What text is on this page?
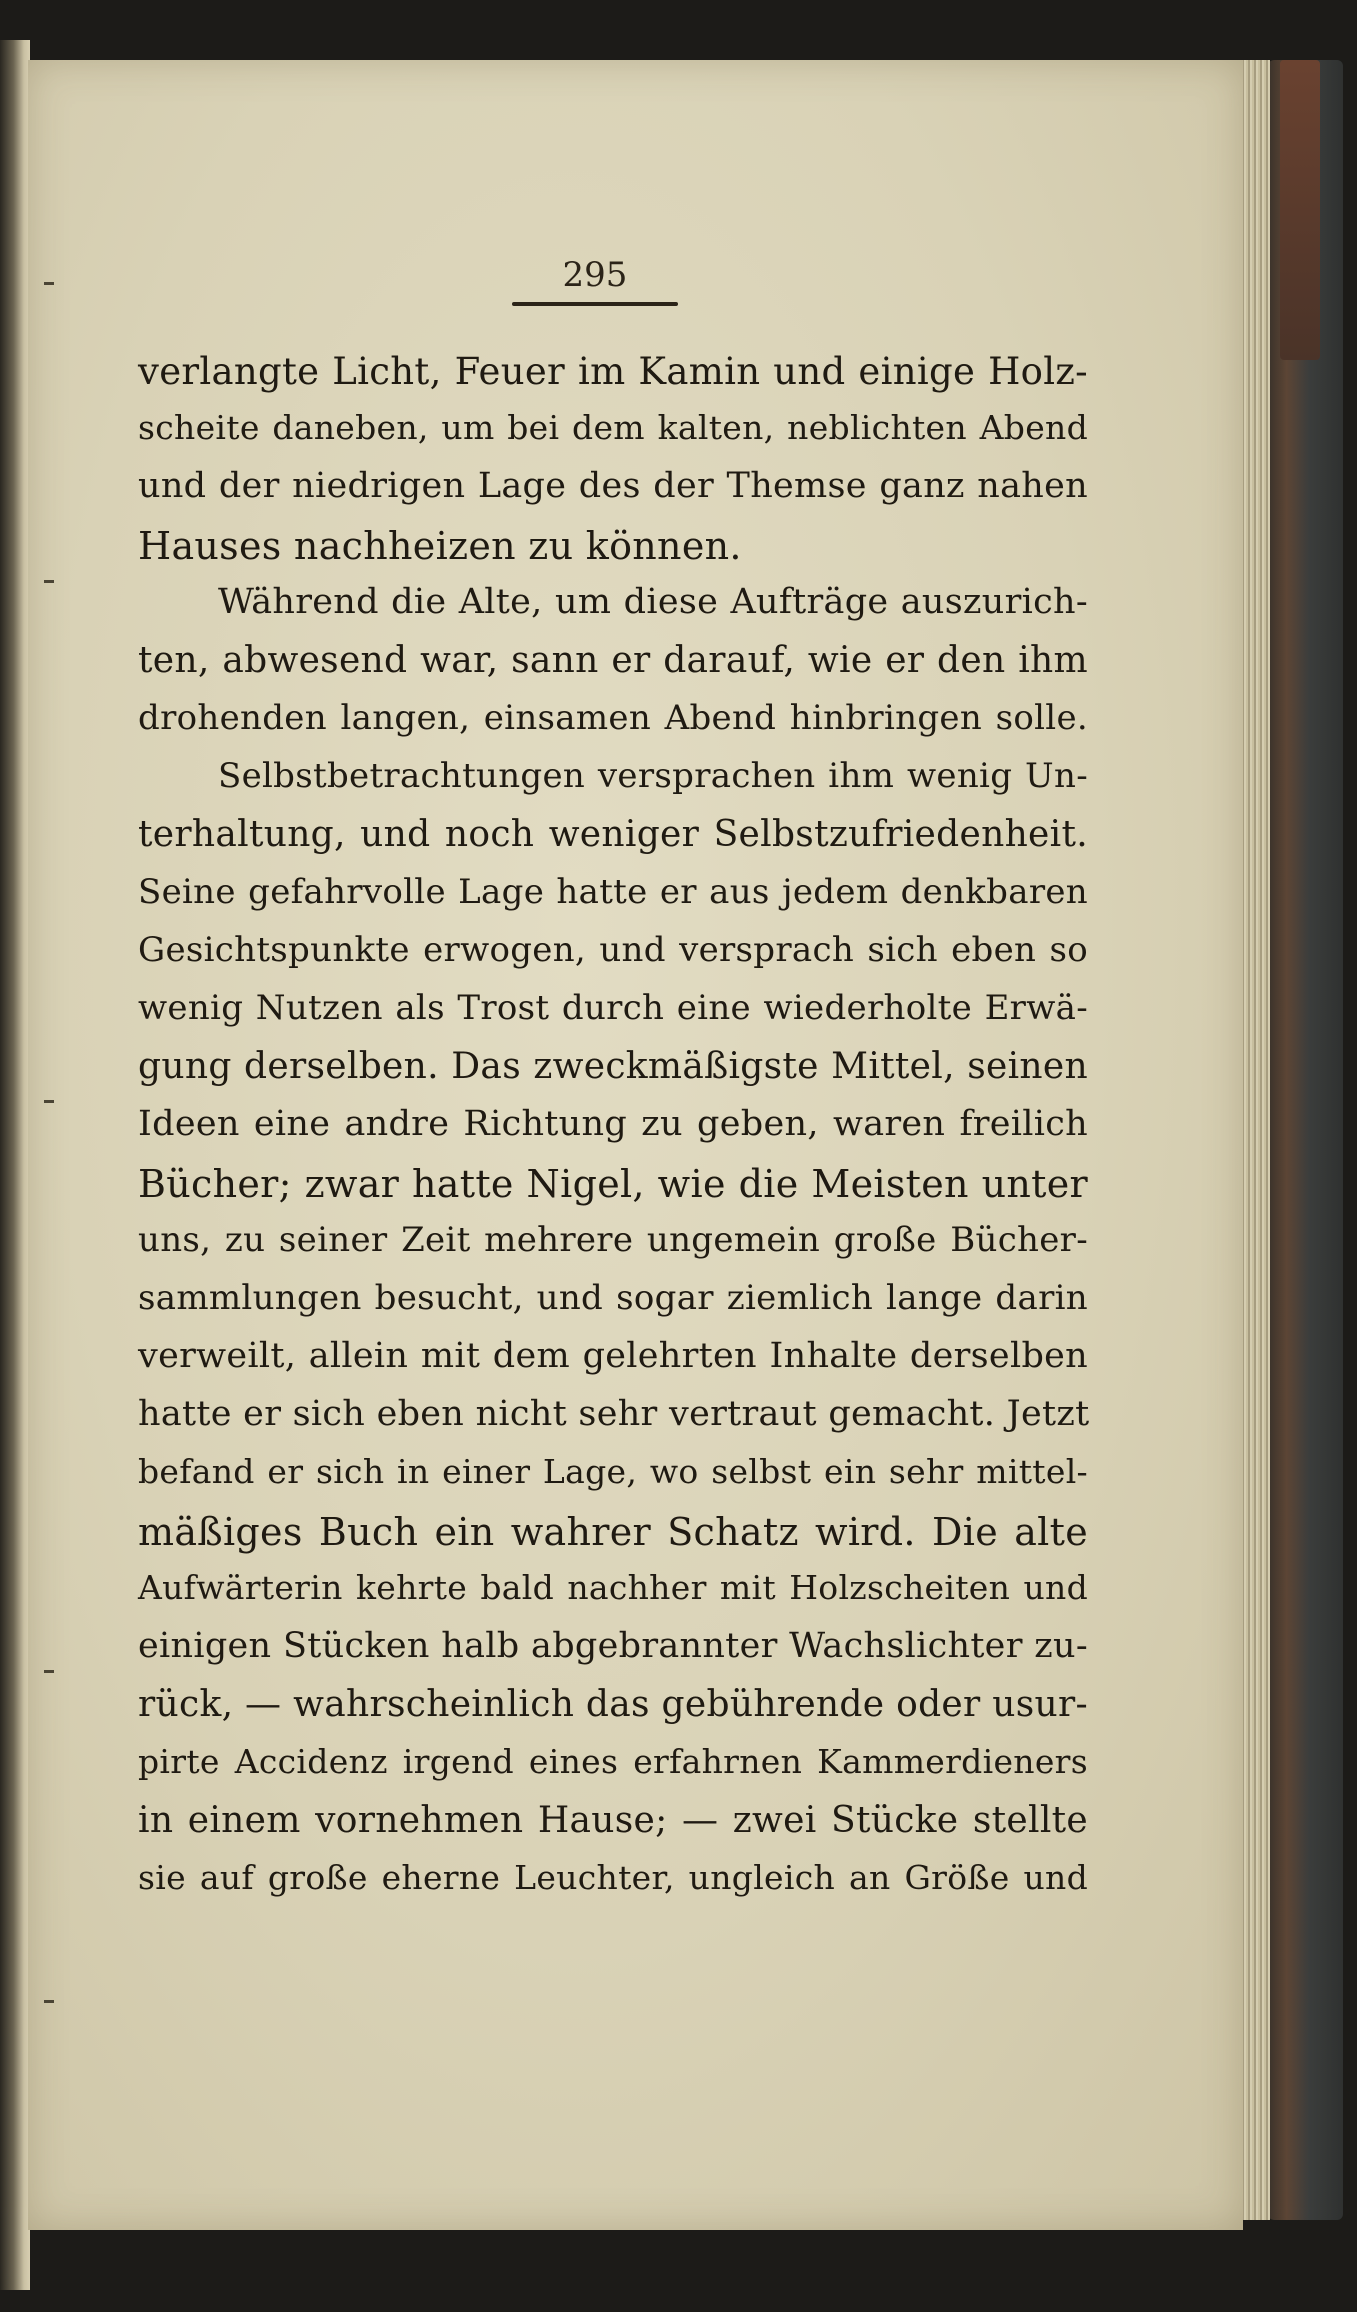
295
verlangte Licht, Feuer im Kamin und einige Holz-
scheite daneben, um bei dem kalten, neblichten Abend
und der niedrigen Lage des der Themse ganz nahen
Hauses nachheizen zu können.
Während die Alte, um diese Aufträge auszurich-
ten, abwesend war, sann er darauf, wie er den ihm
drohenden langen, einsamen Abend hinbringen solle.
Selbstbetrachtungen versprachen ihm wenig Un-
terhaltung, und noch weniger Selbstzufriedenheit.
Seine gefahrvolle Lage hatte er aus jedem denkbaren
Gesichtspunkte erwogen, und versprach sich eben so
wenig Nutzen als Trost durch eine wiederholte Erwä-
gung derselben. Das zweckmäßigste Mittel, seinen
Ideen eine andre Richtung zu geben, waren freilich
Bücher; zwar hatte Nigel, wie die Meisten unter
uns, zu seiner Zeit mehrere ungemein große Bücher-
sammlungen besucht, und sogar ziemlich lange darin
verweilt, allein mit dem gelehrten Inhalte derselben
hatte er sich eben nicht sehr vertraut gemacht. Jetzt
befand er sich in einer Lage, wo selbst ein sehr mittel-
mäßiges Buch ein wahrer Schatz wird. Die alte
Aufwärterin kehrte bald nachher mit Holzscheiten und
einigen Stücken halb abgebrannter Wachslichter zu-
rück, — wahrscheinlich das gebührende oder usur-
pirte Accidenz irgend eines erfahrnen Kammerdieners
in einem vornehmen Hause; — zwei Stücke stellte
sie auf große eherne Leuchter, ungleich an Größe und
